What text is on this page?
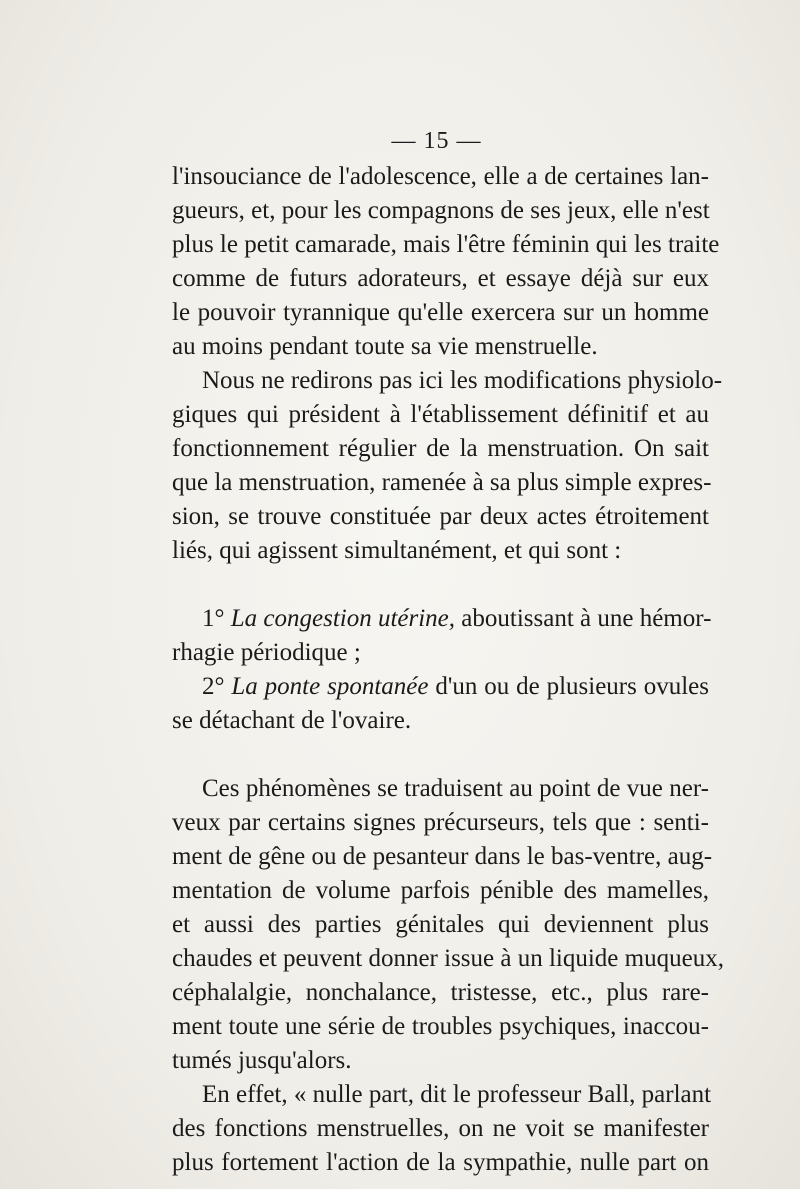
— 15 —
l'insouciance de l'adolescence, elle a de certaines lan-
gueurs, et, pour les compagnons de ses jeux, elle n'est
plus le petit camarade, mais l'être féminin qui les traite
comme de futurs adorateurs, et essaye déjà sur eux
le pouvoir tyrannique qu'elle exercera sur un homme
au moins pendant toute sa vie menstruelle.
Nous ne redirons pas ici les modifications physiolo-
giques qui président à l'établissement définitif et au
fonctionnement régulier de la menstruation. On sait
que la menstruation, ramenée à sa plus simple expres-
sion, se trouve constituée par deux actes étroitement
liés, qui agissent simultanément, et qui sont :
1° La congestion utérine, aboutissant à une hémor-
rhagie périodique ;
2° La ponte spontanée d'un ou de plusieurs ovules
se détachant de l'ovaire.
Ces phénomènes se traduisent au point de vue ner-
veux par certains signes précurseurs, tels que : senti-
ment de gêne ou de pesanteur dans le bas-ventre, aug-
mentation de volume parfois pénible des mamelles,
et aussi des parties génitales qui deviennent plus
chaudes et peuvent donner issue à un liquide muqueux,
céphalalgie, nonchalance, tristesse, etc., plus rare-
ment toute une série de troubles psychiques, inaccou-
tumés jusqu'alors.
En effet, « nulle part, dit le professeur Ball, parlant
des fonctions menstruelles, on ne voit se manifester
plus fortement l'action de la sympathie, nulle part on
